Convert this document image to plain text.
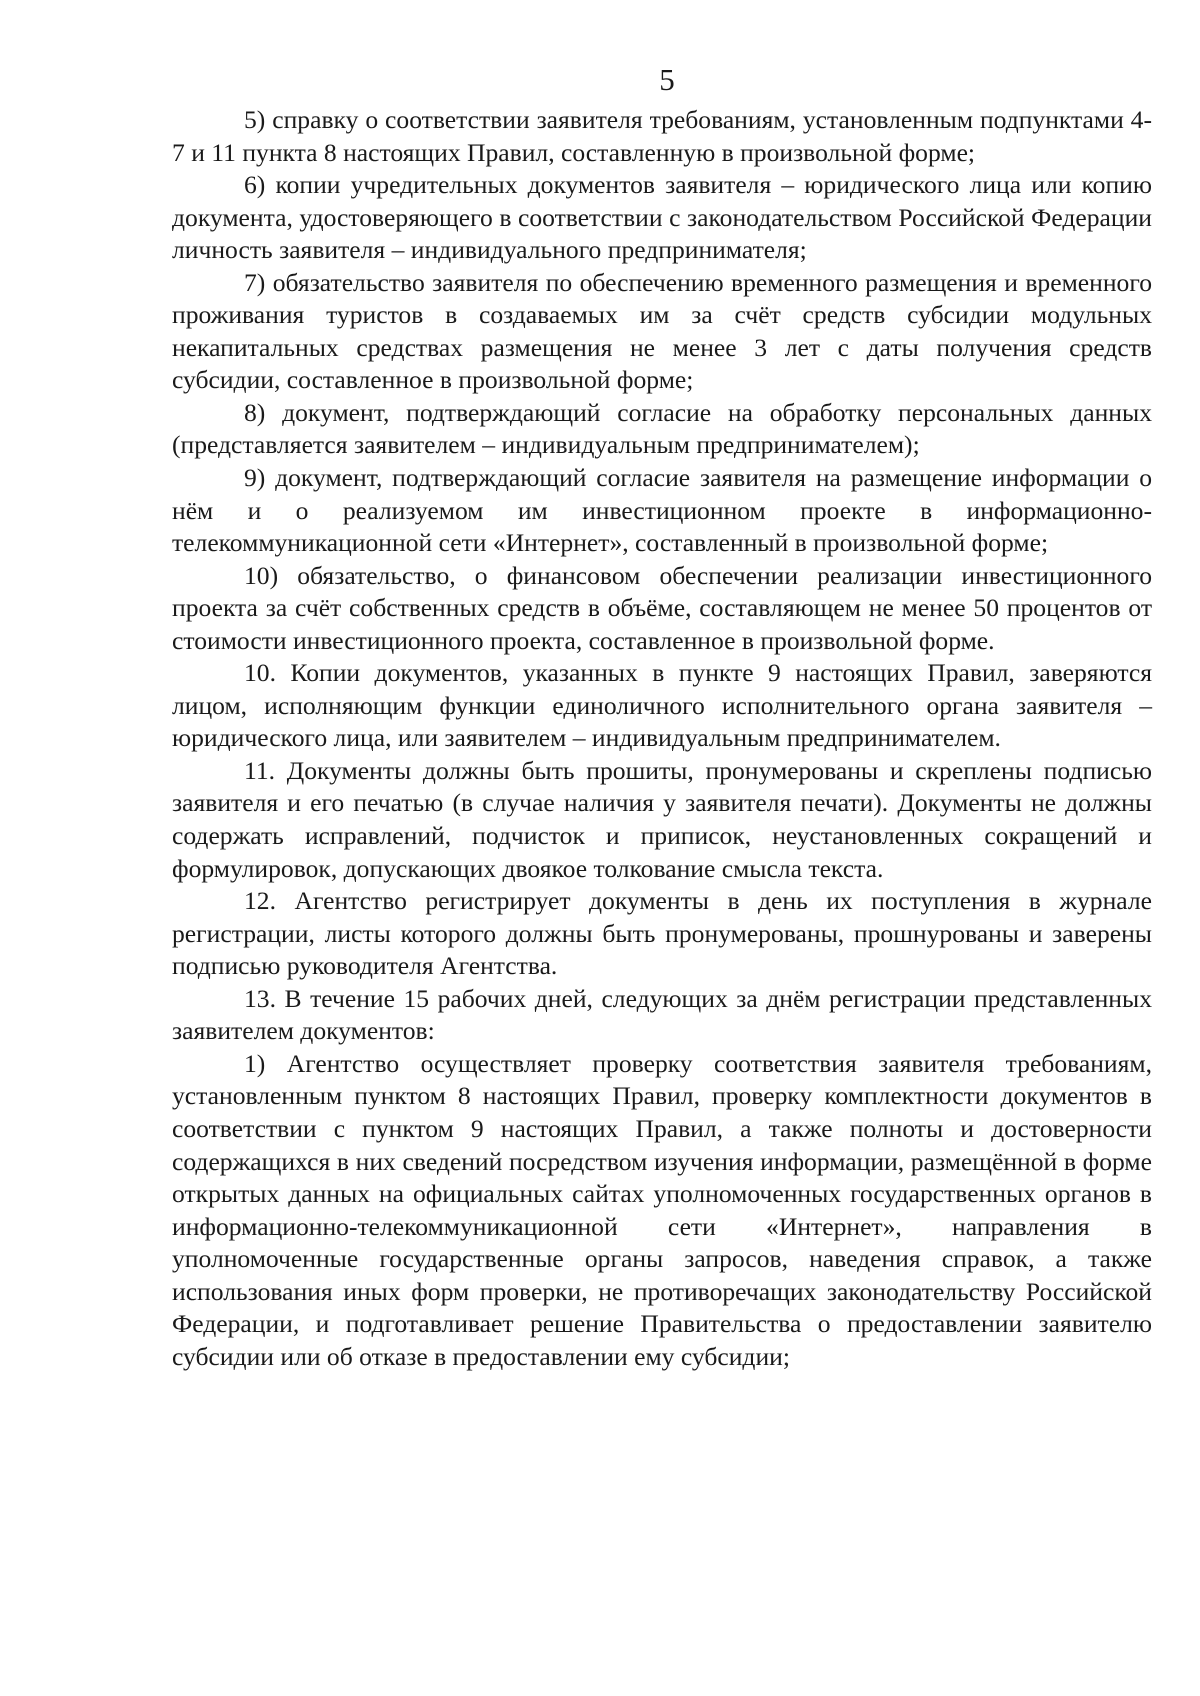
5

5) справку о соответствии заявителя требованиям, установленным подпунктами 4-7 и 11 пункта 8 настоящих Правил, составленную в произвольной форме;

6) копии учредительных документов заявителя – юридического лица или копию документа, удостоверяющего в соответствии с законодательством Российской Федерации личность заявителя – индивидуального предпринимателя;

7) обязательство заявителя по обеспечению временного размещения и временного проживания туристов в создаваемых им за счёт средств субсидии модульных некапитальных средствах размещения не менее 3 лет с даты получения средств субсидии, составленное в произвольной форме;

8) документ, подтверждающий согласие на обработку персональных данных (представляется заявителем – индивидуальным предпринимателем);

9) документ, подтверждающий согласие заявителя на размещение информации о нём и о реализуемом им инвестиционном проекте в информационно-телекоммуникационной сети «Интернет», составленный в произвольной форме;

10) обязательство, о финансовом обеспечении реализации инвестиционного проекта за счёт собственных средств в объёме, составляющем не менее 50 процентов от стоимости инвестиционного проекта, составленное в произвольной форме.

10. Копии документов, указанных в пункте 9 настоящих Правил, заверяются лицом, исполняющим функции единоличного исполнительного органа заявителя – юридического лица, или заявителем – индивидуальным предпринимателем.

11. Документы должны быть прошиты, пронумерованы и скреплены подписью заявителя и его печатью (в случае наличия у заявителя печати). Документы не должны содержать исправлений, подчисток и приписок, неустановленных сокращений и формулировок, допускающих двоякое толкование смысла текста.

12. Агентство регистрирует документы в день их поступления в журнале регистрации, листы которого должны быть пронумерованы, прошнурованы и заверены подписью руководителя Агентства.

13. В течение 15 рабочих дней, следующих за днём регистрации представленных заявителем документов:

1) Агентство осуществляет проверку соответствия заявителя требованиям, установленным пунктом 8 настоящих Правил, проверку комплектности документов в соответствии с пунктом 9 настоящих Правил, а также полноты и достоверности содержащихся в них сведений посредством изучения информации, размещённой в форме открытых данных на официальных сайтах уполномоченных государственных органов в информационно-телекоммуникационной сети «Интернет», направления в уполномоченные государственные органы запросов, наведения справок, а также использования иных форм проверки, не противоречащих законодательству Российской Федерации, и подготавливает решение Правительства о предоставлении заявителю субсидии или об отказе в предоставлении ему субсидии;
